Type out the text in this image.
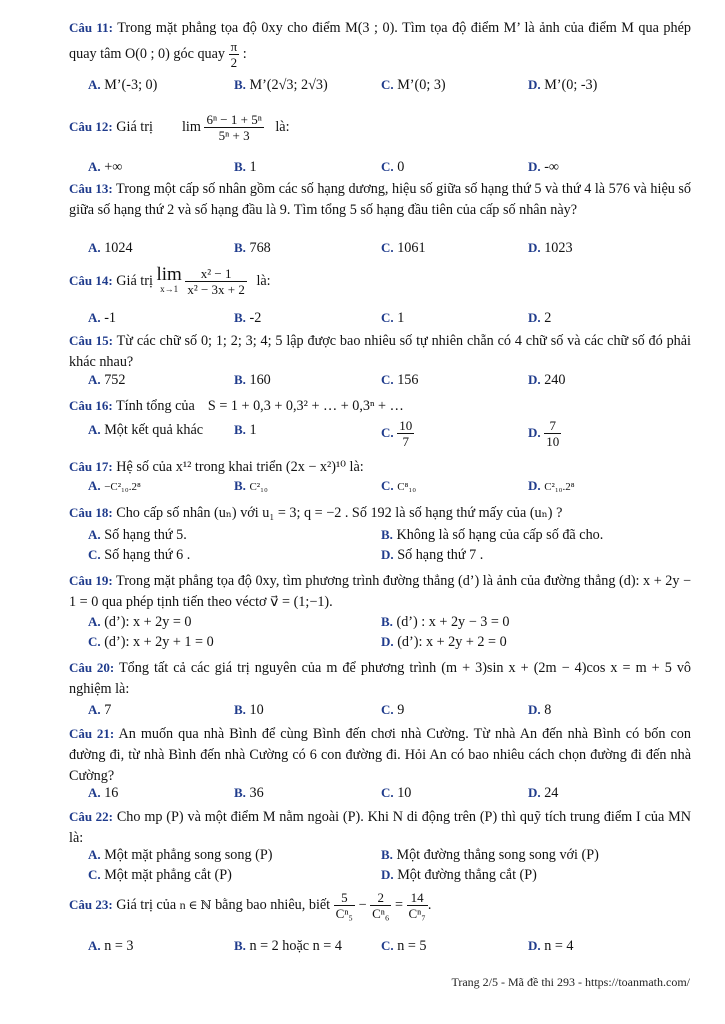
Câu 11: Trong mặt phẳng tọa độ 0xy cho điểm M(3 ; 0). Tìm tọa độ điểm M’ là ảnh của điểm M qua phép quay tâm O(0 ; 0) góc quay $\frac{\pi}{2}$ :
A. M’(-3; 0)	B. M’(2√3; 2√3)	C. M’(0; 3)	D. M’(0; -3)
Câu 12: Giá trị $\lim \frac{\text{6ⁿ − 1 + 5ⁿ}}{\text{5ⁿ + 3}}$ là:
A. +∞	B. 1	C. 0	D. -∞
Câu 13: Trong một cấp số nhân gồm các số hạng dương, hiệu số giữa số hạng thứ 5 và thứ 4 là 576 và hiệu số giữa số hạng thứ 2 và số hạng đầu là 9. Tìm tổng 5 số hạng đầu tiên của cấp số nhân này?
A. 1024	B. 768	C. 1061	D. 1023
Câu 14: Giá trị lim
x→1
$\frac{\text{x² − 1}}{\text{x² − 3x + 2}}$ là:
A. -1	B. -2	C. 1	D. 2
Câu 15: Từ các chữ số 0; 1; 2; 3; 4; 5 lập được bao nhiêu số tự nhiên chẵn có 4 chữ số và các chữ số đó phải khác nhau?
A. 752	B. 160	C. 156	D. 240
Câu 16: Tính tổng của S = 1 + 0,3 + 0,3² + … + 0,3ⁿ + …
A. Một kết quả khác B. 1	C. $\frac{10}{7}$	D. $\frac{7}{10}$
Câu 17: Hệ số của x¹² trong khai triển (2x − x²)¹⁰ là:
A. −C²₁₀.2⁸	B. C²₁₀	C. C⁸₁₀	D. C²₁₀.2⁸
Câu 18: Cho cấp số nhân (uₙ) với u₁ = 3; q = −2 . Số 192 là số hạng thứ mấy của (uₙ) ?
A. Số hạng thứ 5.	B. Không là số hạng của cấp số đã cho.
C. Số hạng thứ 6 .	D. Số hạng thứ 7 .
Câu 19: Trong mặt phẳng tọa độ 0xy, tìm phương trình đường thẳng (d’) là ảnh của đường thẳng (d): x + 2y − 1 = 0 qua phép tịnh tiến theo véctơ v⃗ = (1;−1).
A. (d’): x + 2y = 0	B. (d’) : x + 2y − 3 = 0
C. (d’): x + 2y + 1 = 0	D. (d’): x + 2y + 2 = 0
Câu 20: Tổng tất cả các giá trị nguyên của m để phương trình (m + 3)sin x + (2m − 4)cos x = m + 5 vô nghiệm là:
A. 7	B. 10	C. 9	D. 8
Câu 21: An muốn qua nhà Bình để cùng Bình đến chơi nhà Cường. Từ nhà An đến nhà Bình có bốn con đường đi, từ nhà Bình đến nhà Cường có 6 con đường đi. Hỏi An có bao nhiêu cách chọn đường đi đến nhà Cường?
A. 16	B. 36	C. 10	D. 24
Câu 22: Cho mp (P) và một điểm M nằm ngoài (P). Khi N di động trên (P) thì quỹ tích trung điểm I của MN là:
A. Một mặt phẳng song song (P)	B. Một đường thẳng song song với (P)
C. Một mặt phẳng cắt (P)	D. Một đường thẳng cắt (P)
Câu 23: Giá trị của n ∈ ℕ bằng bao nhiêu, biết $\frac{5}{\text{Cⁿ₅}} - \frac{2}{\text{Cⁿ₆}} = \frac{14}{\text{Cⁿ₇}}$ .
A. n = 3	B. n = 2 hoặc n = 4	C. n = 5	D. n = 4
Trang 2/5 - Mã đề thi 293 - https://toanmath.com/
